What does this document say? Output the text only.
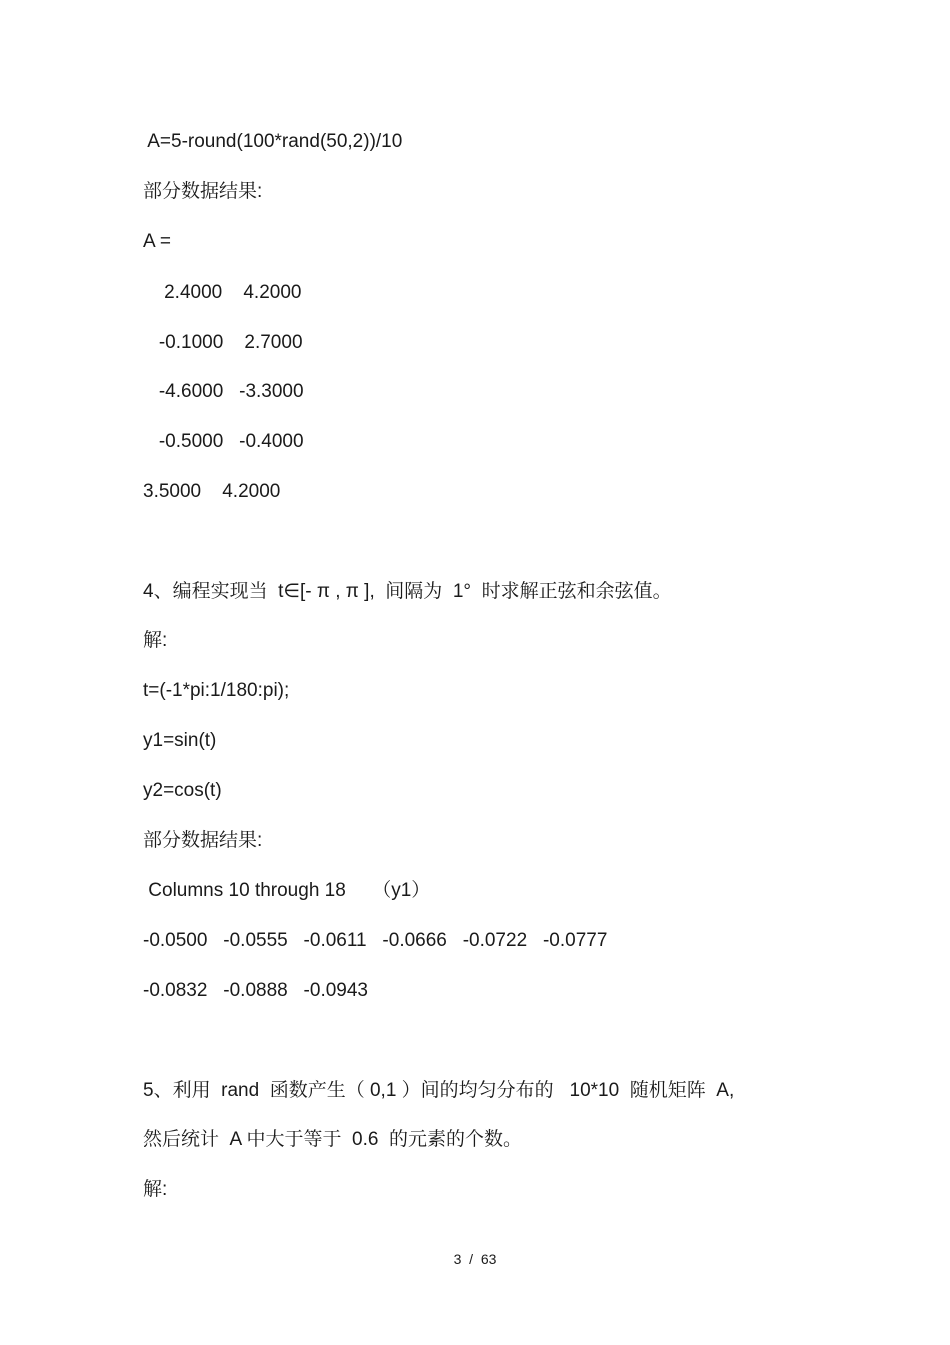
A=5-round(100*rand(50,2))/10
部分数据结果:
A =
2.4000    4.2000
-0.1000    2.7000
-4.6000   -3.3000
-0.5000   -0.4000
3.5000    4.2000
4、编程实现当  t∈[- π , π ],  间隔为  1°  时求解正弦和余弦值。
解:
t=(-1*pi:1/180:pi);
y1=sin(t)
y2=cos(t)
部分数据结果:
Columns 10 through 18     （y1）
-0.0500   -0.0555   -0.0611   -0.0666   -0.0722   -0.0777
-0.0832   -0.0888   -0.0943
5、利用  rand  函数产生（ 0,1 ）间的均匀分布的   10*10  随机矩阵  A,
然后统计  A 中大于等于  0.6  的元素的个数。
解:
3  /  63
